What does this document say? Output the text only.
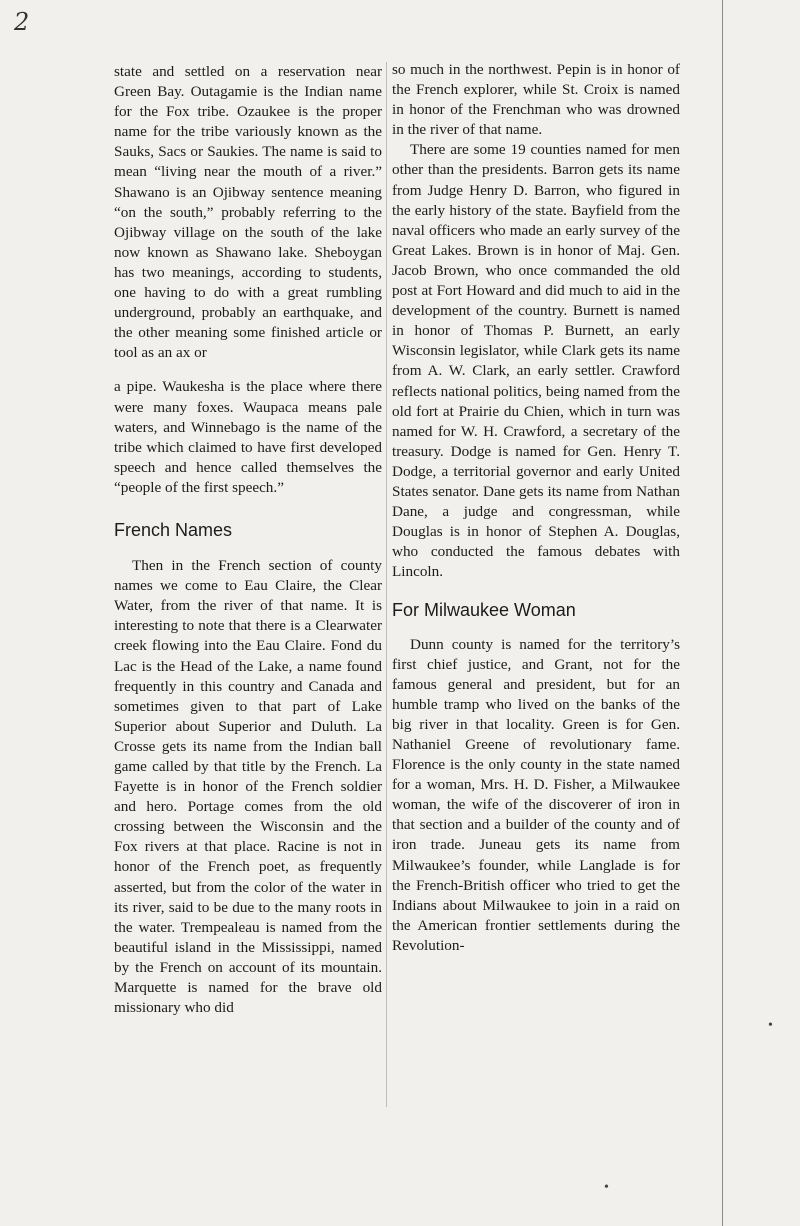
2
•
•

state and settled on a reservation near Green Bay. Outagamie is the Indian name for the Fox tribe. Ozaukee is the proper name for the tribe variously known as the Sauks, Sacs or Saukies. The name is said to mean “living near the mouth of a river.” Shawano is an Ojibway sentence meaning “on the south,” probably referring to the Ojibway village on the south of the lake now known as Shawano lake. Sheboygan has two meanings, according to students, one having to do with a great rumbling underground, probably an earthquake, and the other meaning some finished article or tool as an ax or

a pipe. Waukesha is the place where there were many foxes. Waupaca means pale waters, and Winnebago is the name of the tribe which claimed to have first developed speech and hence called themselves the “people of the first speech.”

French Names

Then in the French section of county names we come to Eau Claire, the Clear Water, from the river of that name. It is interesting to note that there is a Clearwater creek flowing into the Eau Claire. Fond du Lac is the Head of the Lake, a name found frequently in this country and Canada and sometimes given to that part of Lake Superior about Superior and Duluth. La Crosse gets its name from the Indian ball game called by that title by the French. La Fayette is in honor of the French soldier and hero. Portage comes from the old crossing between the Wisconsin and the Fox rivers at that place. Racine is not in honor of the French poet, as frequently asserted, but from the color of the water in its river, said to be due to the many roots in the water. Trempealeau is named from the beautiful island in the Mississippi, named by the French on account of its mountain. Marquette is named for the brave old missionary who did

so much in the northwest. Pepin is in honor of the French explorer, while St. Croix is named in honor of the Frenchman who was drowned in the river of that name.

There are some 19 counties named for men other than the presidents. Barron gets its name from Judge Henry D. Barron, who figured in the early history of the state. Bayfield from the naval officers who made an early survey of the Great Lakes. Brown is in honor of Maj. Gen. Jacob Brown, who once commanded the old post at Fort Howard and did much to aid in the development of the country. Burnett is named in honor of Thomas P. Burnett, an early Wisconsin legislator, while Clark gets its name from A. W. Clark, an early settler. Crawford reflects national politics, being named from the old fort at Prairie du Chien, which in turn was named for W. H. Crawford, a secretary of the treasury. Dodge is named for Gen. Henry T. Dodge, a territorial governor and early United States senator. Dane gets its name from Nathan Dane, a judge and congressman, while Douglas is in honor of Stephen A. Douglas, who conducted the famous debates with Lincoln.

For Milwaukee Woman

Dunn county is named for the territory’s first chief justice, and Grant, not for the famous general and president, but for an humble tramp who lived on the banks of the big river in that locality. Green is for Gen. Nathaniel Greene of revolutionary fame. Florence is the only county in the state named for a woman, Mrs. H. D. Fisher, a Milwaukee woman, the wife of the discoverer of iron in that section and a builder of the county and of iron trade. Juneau gets its name from Milwaukee’s founder, while Langlade is for the French-British officer who tried to get the Indians about Milwaukee to join in a raid on the American frontier settlements during the Revolution-
